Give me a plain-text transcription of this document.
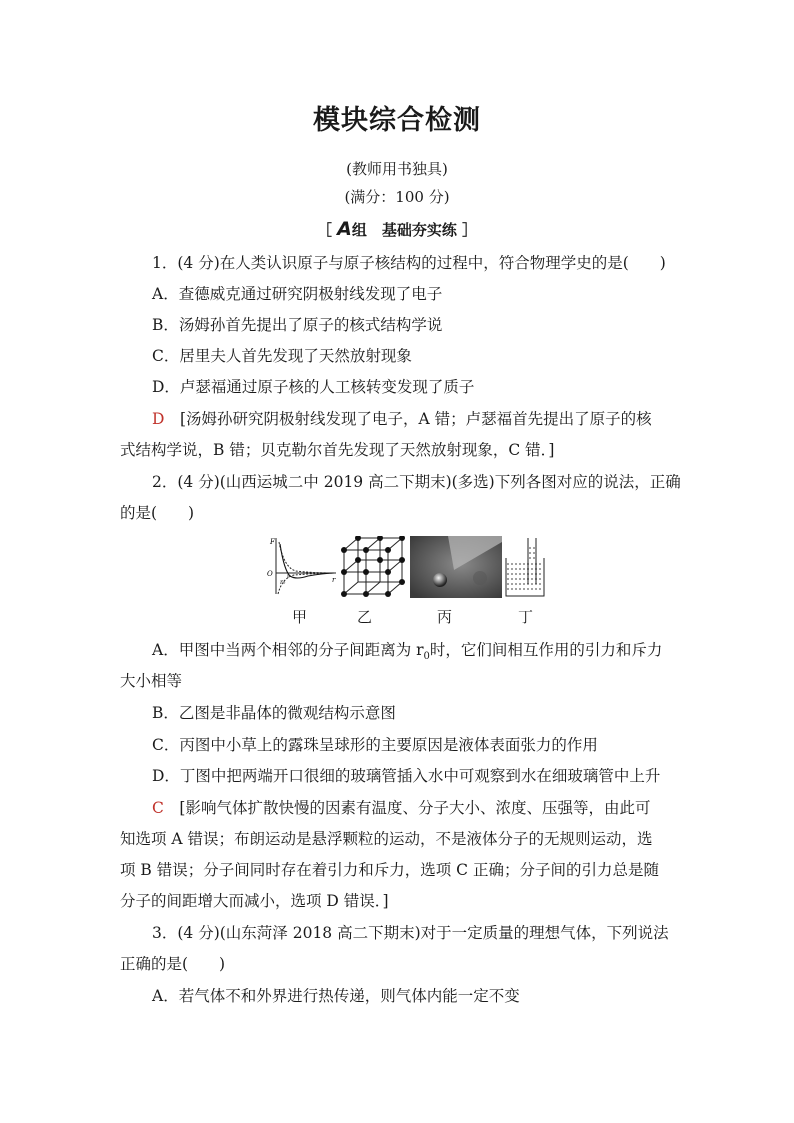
模块综合检测
(教师用书独具)
(满分：100 分)
［ A组　基础夯实练 ］
1．(4 分)在人类认识原子与原子核结构的过程中，符合物理学史的是(　　)
A．查德威克通过研究阴极射线发现了电子
B．汤姆孙首先提出了原子的核式结构学说
C．居里夫人首先发现了天然放射现象
D．卢瑟福通过原子核的人工核转变发现了质子
D　 [汤姆孙研究阴极射线发现了电子，A 错；卢瑟福首先提出了原子的核
式结构学说，B 错；贝克勒尔首先发现了天然放射现象，C 错．]
2．(4 分)(山西运城二中 2019 高二下期末)(多选)下列各图对应的说法，正确
的是(　　)
F
O
r₀	r
甲	乙	丙	丁
A．甲图中当两个相邻的分子间距离为 $r_0$时，它们间相互作用的引力和斥力
大小相等
B．乙图是非晶体的微观结构示意图
C．丙图中小草上的露珠呈球形的主要原因是液体表面张力的作用
D．丁图中把两端开口很细的玻璃管插入水中可观察到水在细玻璃管中上升
C　 [影响气体扩散快慢的因素有温度、分子大小、浓度、压强等，由此可
知选项 A 错误；布朗运动是悬浮颗粒的运动，不是液体分子的无规则运动，选
项 B 错误；分子间同时存在着引力和斥力，选项 C 正确；分子间的引力总是随
分子的间距增大而减小，选项 D 错误．]
3．(4 分)(山东菏泽 2018 高二下期末)对于一定质量的理想气体，下列说法
正确的是(　　)
A．若气体不和外界进行热传递，则气体内能一定不变
